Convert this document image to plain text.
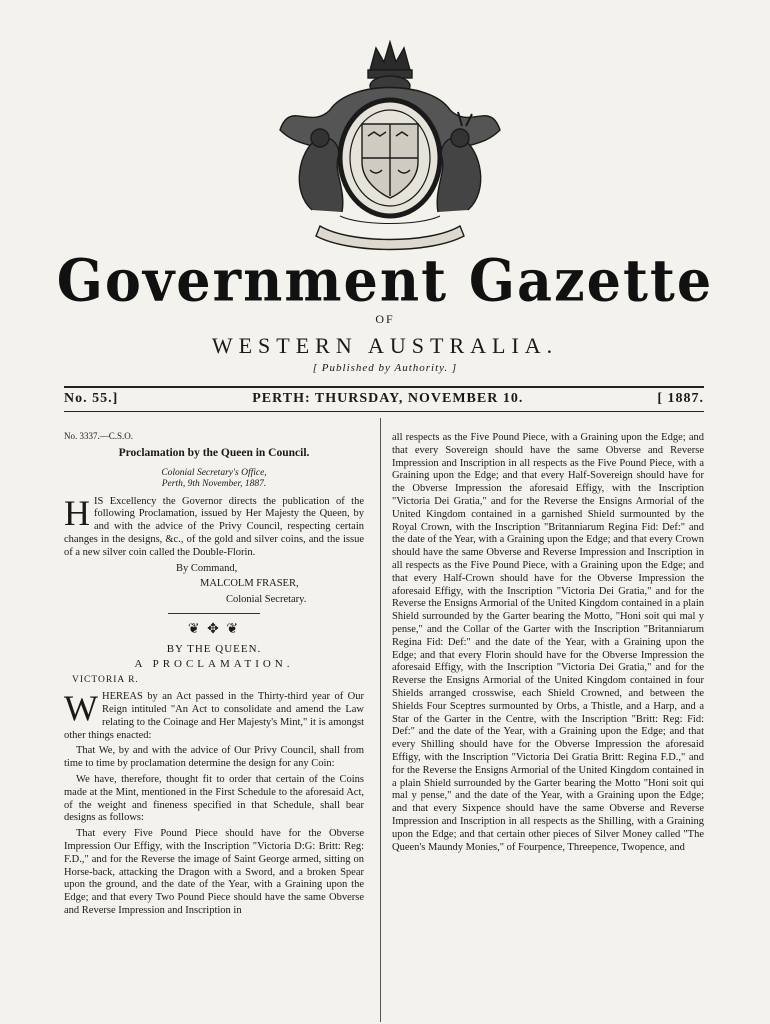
Government Gazette
OF
WESTERN AUSTRALIA.
[ Published by Authority. ]
No. 55.]	PERTH: THURSDAY, NOVEMBER 10.	[ 1887.

No. 3337.—C.S.O.

Proclamation by the Queen in Council.
Colonial Secretary's Office,
Perth, 9th November, 1887.

HIS Excellency the Governor directs the publication of the following Proclamation, issued by Her Majesty the Queen, by and with the advice of the Privy Council, respecting certain changes in the designs, &c., of the gold and silver coins, and the issue of a new silver coin called the Double-Florin.

By Command,

MALCOLM FRASER,

Colonial Secretary.

❦ ✥ ❦
BY THE QUEEN.
A PROCLAMATION.
VICTORIA R.

WHEREAS by an Act passed in the Thirty-third year of Our Reign intituled "An Act to consolidate and amend the Law relating to the Coinage and Her Majesty's Mint," it is amongst other things enacted:

That We, by and with the advice of Our Privy Council, shall from time to time by proclamation determine the design for any Coin:

We have, therefore, thought fit to order that certain of the Coins made at the Mint, mentioned in the First Schedule to the aforesaid Act, of the weight and fineness specified in that Schedule, shall bear designs as follows:

That every Five Pound Piece should have for the Obverse Impression Our Effigy, with the Inscription "Victoria D:G: Britt: Reg: F.D.," and for the Reverse the image of Saint George armed, sitting on Horse-back, attacking the Dragon with a Sword, and a broken Spear upon the ground, and the date of the Year, with a Graining upon the Edge; and that every Two Pound Piece should have the same Obverse and Reverse Impression and Inscription in

all respects as the Five Pound Piece, with a Graining upon the Edge; and that every Sovereign should have the same Obverse and Reverse Impression and Inscription in all respects as the Five Pound Piece, with a Graining upon the Edge; and that every Half-Sovereign should have for the Obverse Impression the aforesaid Effigy, with the Inscription "Victoria Dei Gratia," and for the Reverse the Ensigns Armorial of the United Kingdom contained in a garnished Shield surmounted by the Royal Crown, with the Inscription "Britanniarum Regina Fid: Def:" and the date of the Year, with a Graining upon the Edge; and that every Crown should have the same Obverse and Reverse Impression and Inscription in all respects as the Five Pound Piece, with a Graining upon the Edge; and that every Half-Crown should have for the Obverse Impression the aforesaid Effigy, with the Inscription "Victoria Dei Gratia," and for the Reverse the Ensigns Armorial of the United Kingdom contained in a plain Shield surrounded by the Garter bearing the Motto, "Honi soit qui mal y pense," and the Collar of the Garter with the Inscription "Britanniarum Regina Fid: Def:" and the date of the Year, with a Graining upon the Edge; and that every Florin should have for the Obverse Impression the aforesaid Effigy, with the Inscription "Victoria Dei Gratia," and for the Reverse the Ensigns Armorial of the United Kingdom contained in four Shields arranged crosswise, each Shield Crowned, and between the Shields Four Sceptres surmounted by Orbs, a Thistle, and a Harp, and a Star of the Garter in the Centre, with the Inscription "Britt: Reg: Fid: Def:" and the date of the Year, with a Graining upon the Edge; and that every Shilling should have for the Obverse Impression the aforesaid Effigy, with the Inscription "Victoria Dei Gratia Britt: Regina F.D.," and for the Reverse the Ensigns Armorial of the United Kingdom contained in a plain Shield surrounded by the Garter bearing the Motto "Honi soit qui mal y pense," and the date of the Year, with a Graining upon the Edge; and that every Sixpence should have the same Obverse and Reverse Impression and Inscription in all respects as the Shilling, with a Graining upon the Edge; and that certain other pieces of Silver Money called "The Queen's Maundy Monies," of Fourpence, Threepence, Twopence, and
